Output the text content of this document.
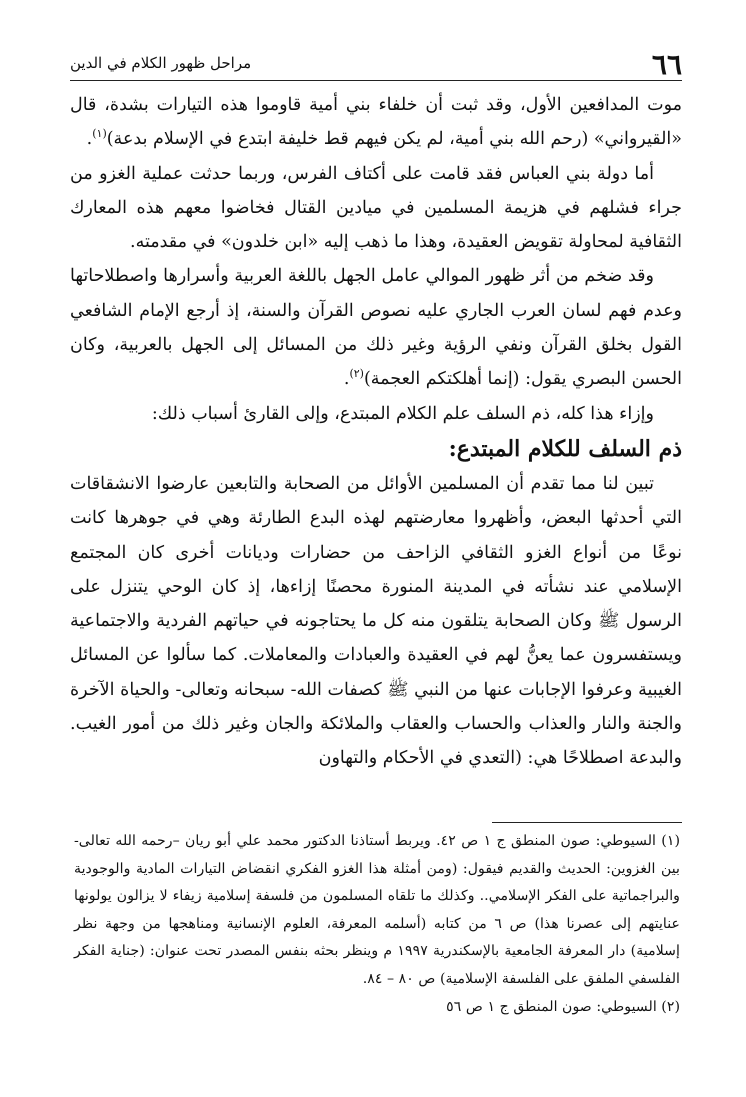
٦٦
مراحل ظهور الكلام في الدين

موت المدافعين الأول، وقد ثبت أن خلفاء بني أمية قاوموا هذه التيارات بشدة، قال «القيرواني» (رحم الله بني أمية، لم يكن فيهم قط خليفة ابتدع في الإسلام بدعة)$^{(١)}$.

أما دولة بني العباس فقد قامت على أكتاف الفرس، وربما حدثت عملية الغزو من جراء فشلهم في هزيمة المسلمين في ميادين القتال فخاضوا معهم هذه المعارك الثقافية لمحاولة تقويض العقيدة، وهذا ما ذهب إليه «ابن خلدون» في مقدمته.

وقد ضخم من أثر ظهور الموالي عامل الجهل باللغة العربية وأسرارها واصطلاحاتها وعدم فهم لسان العرب الجاري عليه نصوص القرآن والسنة، إذ أرجع الإمام الشافعي القول بخلق القرآن ونفي الرؤية وغير ذلك من المسائل إلى الجهل بالعربية، وكان الحسن البصري يقول: (إنما أهلكتكم العجمة)$^{(٢)}$.

وإزاء هذا كله، ذم السلف علم الكلام المبتدع، وإلى القارئ أسباب ذلك:

ذم السلف للكلام المبتدع:

تبين لنا مما تقدم أن المسلمين الأوائل من الصحابة والتابعين عارضوا الانشقاقات التي أحدثها البعض، وأظهروا معارضتهم لهذه البدع الطارئة وهي في جوهرها كانت نوعًا من أنواع الغزو الثقافي الزاحف من حضارات وديانات أخرى كان المجتمع الإسلامي عند نشأته في المدينة المنورة محصنًا إزاءها، إذ كان الوحي يتنزل على الرسول ﷺ وكان الصحابة يتلقون منه كل ما يحتاجونه في حياتهم الفردية والاجتماعية ويستفسرون عما يعنُّ لهم في العقيدة والعبادات والمعاملات. كما سألوا عن المسائل الغيبية وعرفوا الإجابات عنها من النبي ﷺ كصفات الله- سبحانه وتعالى- والحياة الآخرة والجنة والنار والعذاب والحساب والعقاب والملائكة والجان وغير ذلك من أمور الغيب. والبدعة اصطلاحًا هي: (التعدي في الأحكام والتهاون

(١) السيوطي: صون المنطق ج ١ ص ٤٢. ويربط أستاذنا الدكتور محمد علي أبو ريان –رحمه الله تعالى- بين الغزوين: الحديث والقديم فيقول: (ومن أمثلة هذا الغزو الفكري انقضاض التيارات المادية والوجودية والبراجماتية على الفكر الإسلامي.. وكذلك ما تلقاه المسلمون من فلسفة إسلامية زيفاء لا يزالون يولونها عنايتهم إلى عصرنا هذا) ص ٦ من كتابه (أسلمه المعرفة، العلوم الإنسانية ومناهجها من وجهة نظر إسلامية) دار المعرفة الجامعية بالإسكندرية ١٩٩٧ م وينظر بحثه بنفس المصدر تحت عنوان: (جناية الفكر الفلسفي الملفق على الفلسفة الإسلامية) ص ٨٠ – ٨٤.

(٢) السيوطي: صون المنطق ج ١ ص ٥٦
